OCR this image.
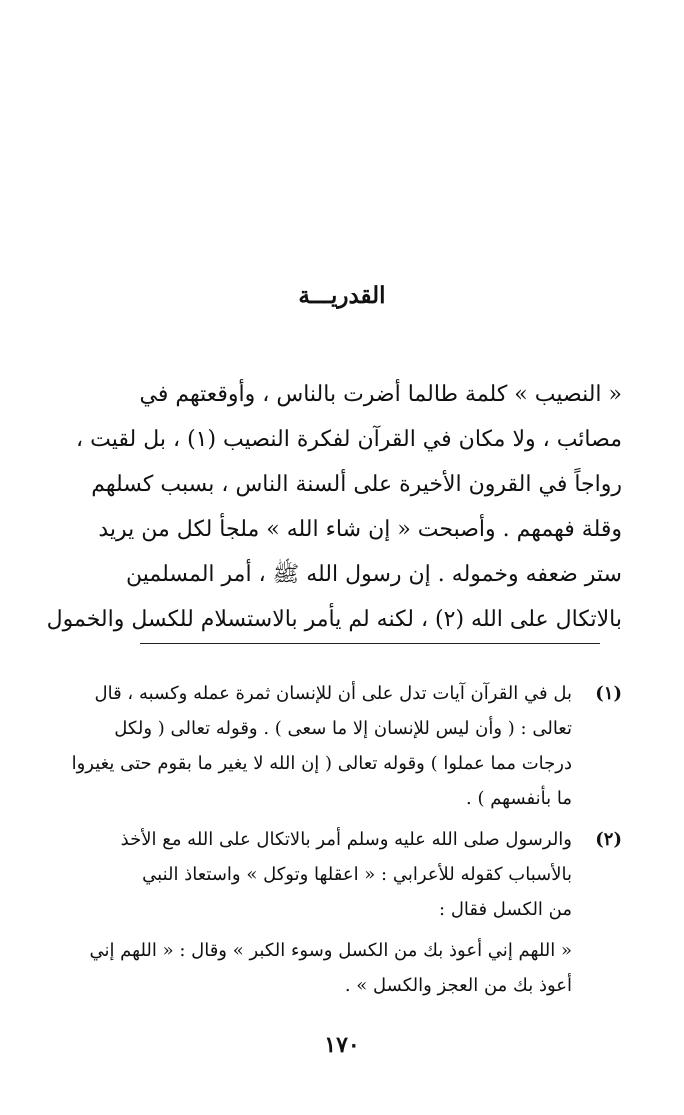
القدريـــة
« النصيب » كلمة طالما أضرت بالناس ، وأوقعتهم في
مصائب ، ولا مكان في القرآن لفكرة النصيب (١) ، بل لقيت ،
رواجاً في القرون الأخيرة على ألسنة الناس ، بسبب كسلهم
وقلة فهمهم . وأصبحت « إن شاء الله » ملجأ لكل من يريد
ستر ضعفه وخموله . إن رسول الله ﷺ ، أمر المسلمين
بالاتكال على الله (٢) ، لكنه لم يأمر بالاستسلام للكسل والخمول
(١)
بل في القرآن آيات تدل على أن للإنسان ثمرة عمله وكسبه ، قال
تعالى : ( وأن ليس للإنسان إلا ما سعى ) . وقوله تعالى ( ولكل
درجات مما عملوا ) وقوله تعالى ( إن الله لا يغير ما بقوم حتى يغيروا
ما بأنفسهم ) .
(٢)
والرسول صلى الله عليه وسلم أمر بالاتكال على الله مع الأخذ
بالأسباب كقوله للأعرابي : « اعقلها وتوكل » واستعاذ النبي
من الكسل فقال :
« اللهم إني أعوذ بك من الكسل وسوء الكبر » وقال : « اللهم إني
أعوذ بك من العجز والكسل » .
١٧٠
